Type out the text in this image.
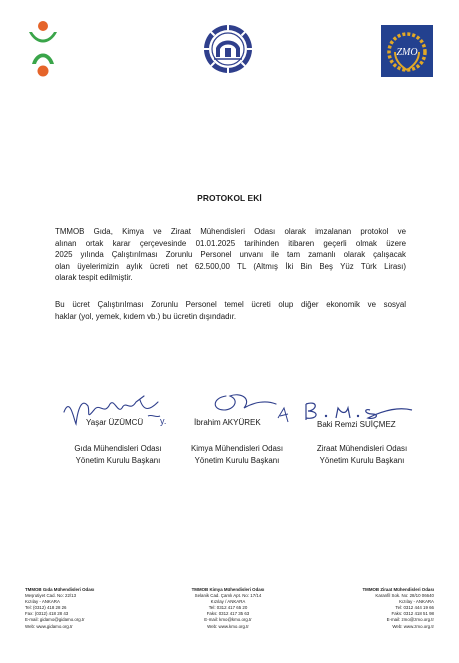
ZMO
PROTOKOL EKİ
TMMOB Gıda, Kimya ve Ziraat Mühendisleri Odası olarak imzalanan protokol ve
alınan ortak karar çerçevesinde 01.01.2025 tarihinden itibaren geçerli olmak üzere
2025 yılında Çalıştırılması Zorunlu Personel unvanı ile tam zamanlı olarak çalışacak
olan üyelerimizin aylık ücreti net 62.500,00 TL (Altmış İki Bin Beş Yüz Türk Lirası)
olarak tespit edilmiştir.
Bu ücret Çalıştırılması Zorunlu Personel temel ücreti olup diğer ekonomik ve sosyal
haklar (yol, yemek, kıdem vb.) bu ücretin dışındadır.
Yaşar ÜZÜMCÜ y.	İbrahim AKYÜREK	Baki Remzi SUİÇMEZ
Gıda Mühendisleri Odası
Yönetim Kurulu Başkanı
Kimya Mühendisleri Odası
Yönetim Kurulu Başkanı
Ziraat Mühendisleri Odası
Yönetim Kurulu Başkanı
TMMOB Gıda Mühendisleri Odası
Meşrutiyet Cad. No: 22/13
Kızılay - ANKARA
Tel: (0312) 418 28 26
Fax: (0312) 418 28 43
E-mail: gidamo@gidamo.org.tr
Web: www.gidamo.org.tr
TMMOB Kimya Mühendisleri Odası
Selanik Cad. Çamlı Apt. No: 17/14
Kızılay / ANKARA
Tel: 0312 417 65 20
Faks: 0312 417 35 63
E-mail: kmo@kmo.org.tr
Web: www.kmo.org.tr
TMMOB Ziraat Mühendisleri Odası
Karanfil Sok. No: 28/10 06640
Kızılay - ANKARA
Tel: 0312 444 19 66
Faks: 0312 418 51 98
E-mail: zmo@zmo.org.tr
Web: www.zmo.org.tr
